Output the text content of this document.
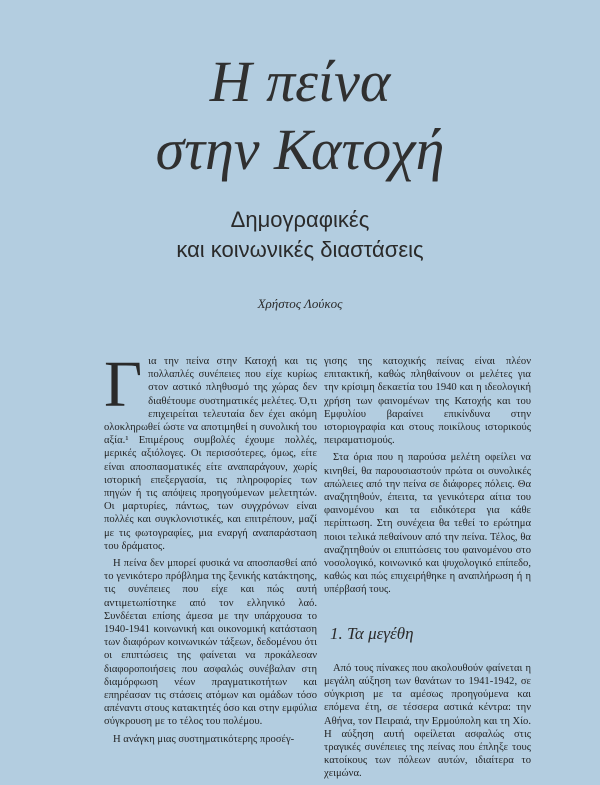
Η πείνα
στην Κατοχή
Δημογραφικές
και κοινωνικές διαστάσεις
Χρήστος Λούκος

Για την πείνα στην Κατοχή και τις πολλαπλές συνέπειες που είχε κυρίως στον αστικό πληθυσμό της χώρας δεν διαθέτουμε συστηματικές μελέτες. Ό,τι επιχειρείται τελευταία δεν έχει ακόμη ολοκληρωθεί ώστε να αποτιμηθεί η συνολική του αξία.¹ Επιμέρους συμβολές έχουμε πολλές, μερικές αξιόλογες. Οι περισσότερες, όμως, είτε είναι αποσπασματικές είτε αναπαράγουν, χωρίς ιστορική επεξεργασία, τις πληροφορίες των πηγών ή τις απόψεις προηγούμενων μελετητών. Οι μαρτυρίες, πάντως, των συγχρόνων είναι πολλές και συγκλονιστικές, και επιτρέπουν, μαζί με τις φωτογραφίες, μια εναργή αναπαράσταση του δράματος.

Η πείνα δεν μπορεί φυσικά να αποσπασθεί από το γενικότερο πρόβλημα της ξενικής κατάκτησης, τις συνέπειες που είχε και πώς αυτή αντιμετωπίστηκε από τον ελληνικό λαό. Συνδέεται επίσης άμεσα με την υπάρχουσα το 1940-1941 κοινωνική και οικονομική κατάσταση των διαφόρων κοινωνικών τάξεων, δεδομένου ότι οι επιπτώσεις της φαίνεται να προκάλεσαν διαφοροποιήσεις που ασφαλώς συνέβαλαν στη διαμόρφωση νέων πραγματικοτήτων και επηρέασαν τις στάσεις ατόμων και ομάδων τόσο απέναντι στους κατακτητές όσο και στην εμφύλια σύγκρουση με το τέλος του πολέμου.

Η ανάγκη μιας συστηματικότερης προσέγ-

γισης της κατοχικής πείνας είναι πλέον επιτακτική, καθώς πληθαίνουν οι μελέτες για την κρίσιμη δεκαετία του 1940 και η ιδεολογική χρήση των φαινομένων της Κατοχής και του Εμφυλίου βαραίνει επικίνδυνα στην ιστοριογραφία και στους ποικίλους ιστορικούς πειραματισμούς.

Στα όρια που η παρούσα μελέτη οφείλει να κινηθεί, θα παρουσιαστούν πρώτα οι συνολικές απώλειες από την πείνα σε διάφορες πόλεις. Θα αναζητηθούν, έπειτα, τα γενικότερα αίτια του φαινομένου και τα ειδικότερα για κάθε περίπτωση. Στη συνέχεια θα τεθεί το ερώτημα ποιοι τελικά πεθαίνουν από την πείνα. Τέλος, θα αναζητηθούν οι επιπτώσεις του φαινομένου στο νοσολογικό, κοινωνικό και ψυχολογικό επίπεδο, καθώς και πώς επιχειρήθηκε η αναπλήρωση ή η υπέρβασή τους.

1. Τα μεγέθη

Από τους πίνακες που ακολουθούν φαίνεται η μεγάλη αύξηση των θανάτων το 1941-1942, σε σύγκριση με τα αμέσως προηγούμενα και επόμενα έτη, σε τέσσερα αστικά κέντρα: την Αθήνα, τον Πειραιά, την Ερμούπολη και τη Χίο. Η αύξηση αυτή οφείλεται ασφαλώς στις τραγικές συνέπειες της πείνας που έπληξε τους κατοίκους των πόλεων αυτών, ιδιαίτερα το χειμώνα.
